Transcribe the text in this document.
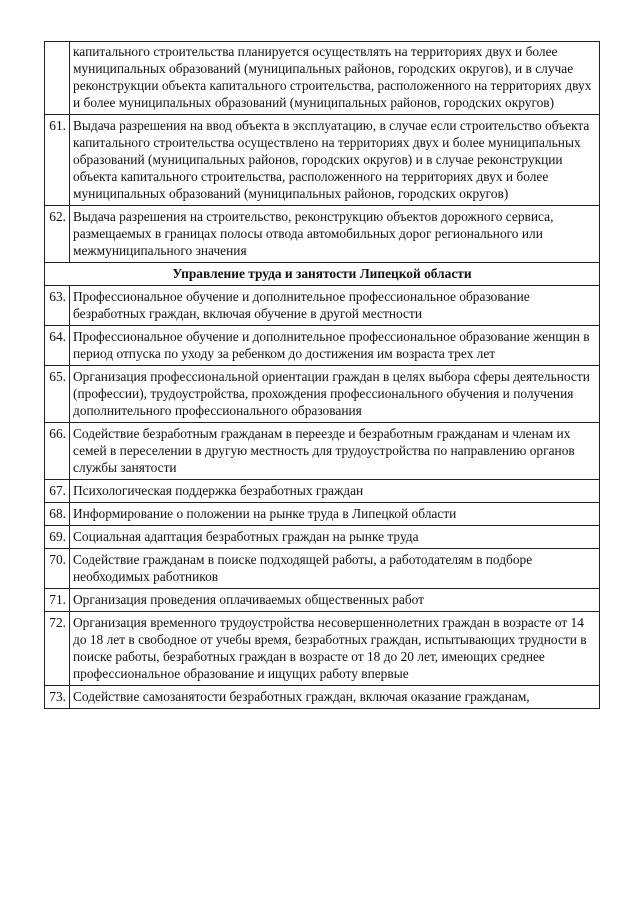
	капитального строительства планируется осуществлять на территориях двух и более муниципальных образований (муниципальных районов, городских округов), и в случае реконструкции объекта капитального строительства, расположенного на территориях двух и более муниципальных образований (муниципальных районов, городских округов)
61.	Выдача разрешения на ввод объекта в эксплуатацию, в случае если строительство объекта капитального строительства осуществлено на территориях двух и более муниципальных образований (муниципальных районов, городских округов) и в случае реконструкции объекта капитального строительства, расположенного на территориях двух и более муниципальных образований (муниципальных районов, городских округов)
62.	Выдача разрешения на строительство, реконструкцию объектов дорожного сервиса, размещаемых в границах полосы отвода автомобильных дорог регионального или межмуниципального значения
Управление труда и занятости Липецкой области	
63.	Профессиональное обучение и дополнительное профессиональное образование безработных граждан, включая обучение в другой местности
64.	Профессиональное обучение и дополнительное профессиональное образование женщин в период отпуска по уходу за ребенком до достижения им возраста трех лет
65.	Организация профессиональной ориентации граждан в целях выбора сферы деятельности (профессии), трудоустройства, прохождения профессионального обучения и получения дополнительного профессионального образования
66.	Содействие безработным гражданам в переезде и безработным гражданам и членам их семей в переселении в другую местность для трудоустройства по направлению органов службы занятости
67.	Психологическая поддержка безработных граждан
68.	Информирование о положении на рынке труда в Липецкой области
69.	Социальная адаптация безработных граждан на рынке труда
70.	Содействие гражданам в поиске подходящей работы, а работодателям в подборе необходимых работников
71.	Организация проведения оплачиваемых общественных работ
72.	Организация временного трудоустройства несовершеннолетних граждан в возрасте от 14 до 18 лет в свободное от учебы время, безработных граждан, испытывающих трудности в поиске работы, безработных граждан в возрасте от 18 до 20 лет, имеющих среднее профессиональное образование и ищущих работу впервые
73.	Содействие самозанятости безработных граждан, включая оказание гражданам,
